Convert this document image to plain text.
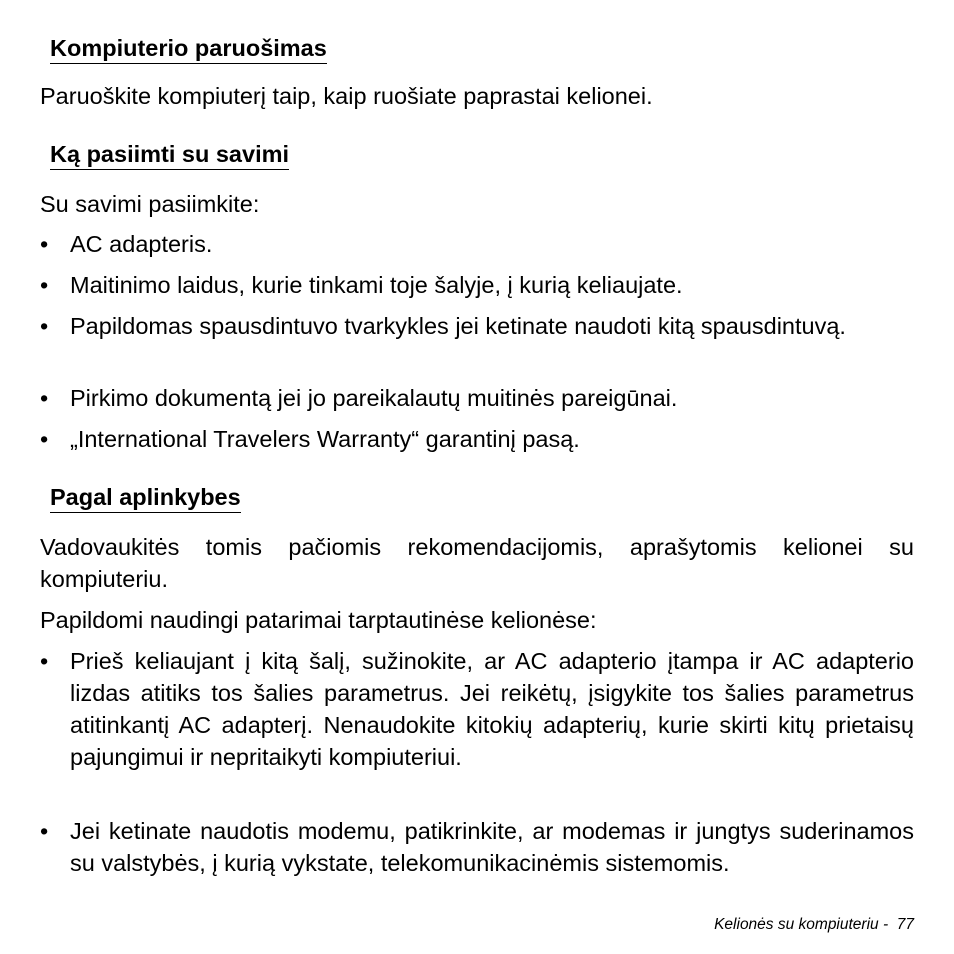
Kompiuterio paruošimas
Paruoškite kompiuterį taip, kaip ruošiate paprastai kelionei.
Ką pasiimti su savimi
Su savimi pasiimkite:
• AC adapteris.
• Maitinimo laidus, kurie tinkami toje šalyje, į kurią keliaujate.
• Papildomas spausdintuvo tvarkykles jei ketinate naudoti kitą spausdintuvą.
• Pirkimo dokumentą jei jo pareikalautų muitinės pareigūnai.
• „International Travelers Warranty“ garantinį pasą.
Pagal aplinkybes
Vadovaukitės tomis pačiomis rekomendacijomis, aprašytomis kelionei su kompiuteriu.
Papildomi naudingi patarimai tarptautinėse kelionėse:
• Prieš keliaujant į kitą šalį, sužinokite, ar AC adapterio įtampa ir AC adapterio lizdas atitiks tos šalies parametrus. Jei reikėtų, įsigykite tos šalies parametrus atitinkantį AC adapterį. Nenaudokite kitokių adapterių, kurie skirti kitų prietaisų pajungimui ir nepritaikyti kompiuteriui.
• Jei ketinate naudotis modemu, patikrinkite, ar modemas ir jungtys suderinamos su valstybės, į kurią vykstate, telekomunikacinėmis sistemomis.
Kelionės su kompiuteriu - 77
